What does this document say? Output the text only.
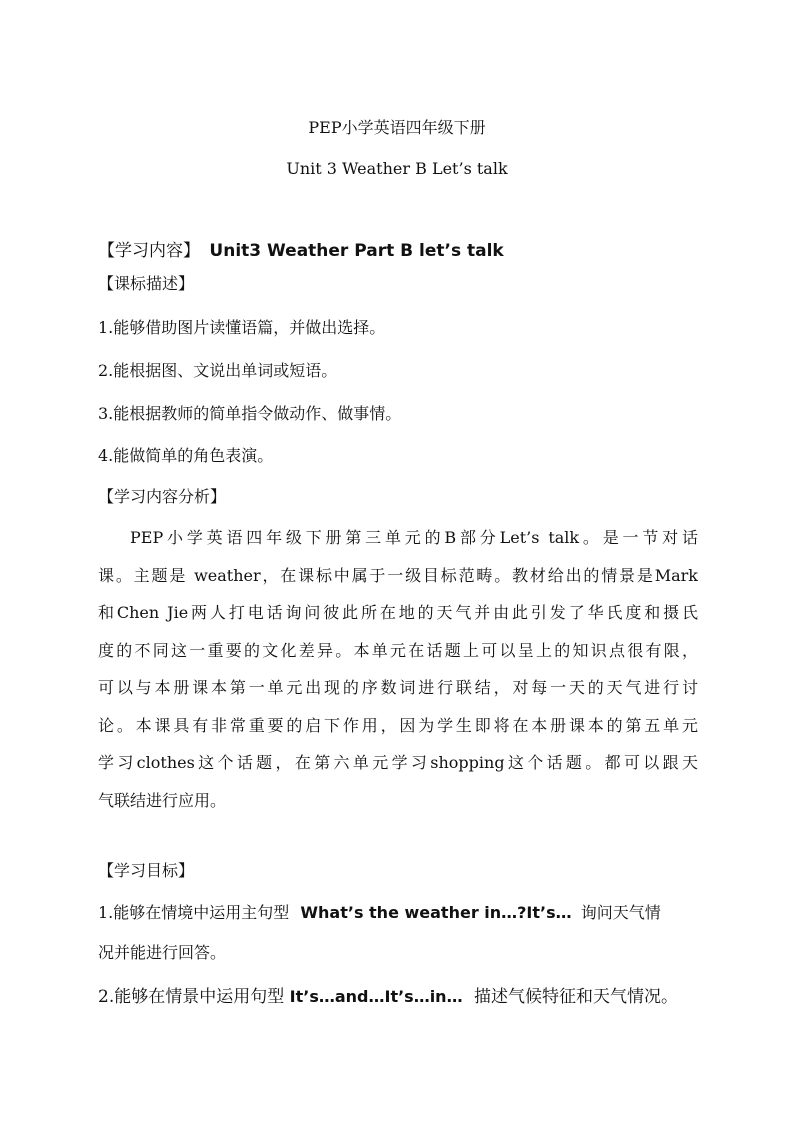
PEP小学英语四年级下册
Unit 3 Weather B Let’s talk
【学习内容】 Unit3 Weather Part B let’s talk
【课标描述】
1.能够借助图片读懂语篇，并做出选择。
2.能根据图、文说出单词或短语。
3.能根据教师的简单指令做动作、做事情。
4.能做简单的角色表演。
【学习内容分析】
PEP小学英语四年级下册第三单元的B部分Let’s talk。是一节对话
课。主题是 weather，在课标中属于一级目标范畴。教材给出的情景是Mark
和Chen Jie两人打电话询问彼此所在地的天气并由此引发了华氏度和摄氏
度的不同这一重要的文化差异。本单元在话题上可以呈上的知识点很有限，
可以与本册课本第一单元出现的序数词进行联结，对每一天的天气进行讨
论。本课具有非常重要的启下作用，因为学生即将在本册课本的第五单元
学习clothes这个话题，在第六单元学习shopping这个话题。都可以跟天
气联结进行应用。
【学习目标】
1.能够在情境中运用主句型 What’s the weather in…?It’s… 询问天气情
况并能进行回答。
2.能够在情景中运用句型 It’s…and…It’s…in… 描述气候特征和天气情况。
